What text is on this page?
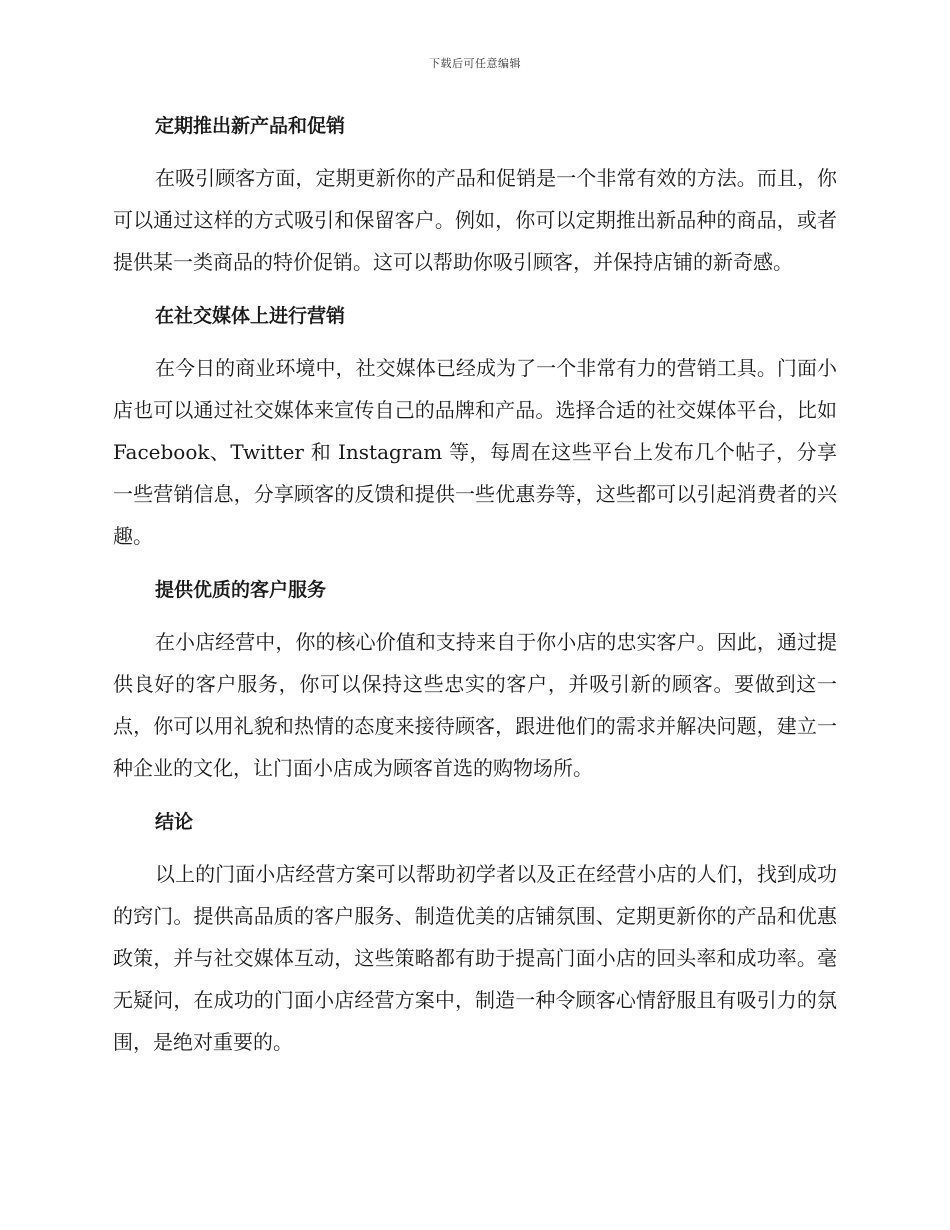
下载后可任意编辑
定期推出新产品和促销

在吸引顾客方面，定期更新你的产品和促销是一个非常有效的方法。而且，你可以通过这样的方式吸引和保留客户。例如，你可以定期推出新品种的商品，或者提供某一类商品的特价促销。这可以帮助你吸引顾客，并保持店铺的新奇感。

在社交媒体上进行营销

在今日的商业环境中，社交媒体已经成为了一个非常有力的营销工具。门面小店也可以通过社交媒体来宣传自己的品牌和产品。选择合适的社交媒体平台，比如 Facebook、Twitter 和 Instagram 等，每周在这些平台上发布几个帖子，分享一些营销信息，分享顾客的反馈和提供一些优惠券等，这些都可以引起消费者的兴趣。

提供优质的客户服务

在小店经营中，你的核心价值和支持来自于你小店的忠实客户。因此，通过提供良好的客户服务，你可以保持这些忠实的客户，并吸引新的顾客。要做到这一点，你可以用礼貌和热情的态度来接待顾客，跟进他们的需求并解决问题，建立一种企业的文化，让门面小店成为顾客首选的购物场所。

结论

以上的门面小店经营方案可以帮助初学者以及正在经营小店的人们，找到成功的窍门。提供高品质的客户服务、制造优美的店铺氛围、定期更新你的产品和优惠政策，并与社交媒体互动，这些策略都有助于提高门面小店的回头率和成功率。毫无疑问，在成功的门面小店经营方案中，制造一种令顾客心情舒服且有吸引力的氛围，是绝对重要的。
